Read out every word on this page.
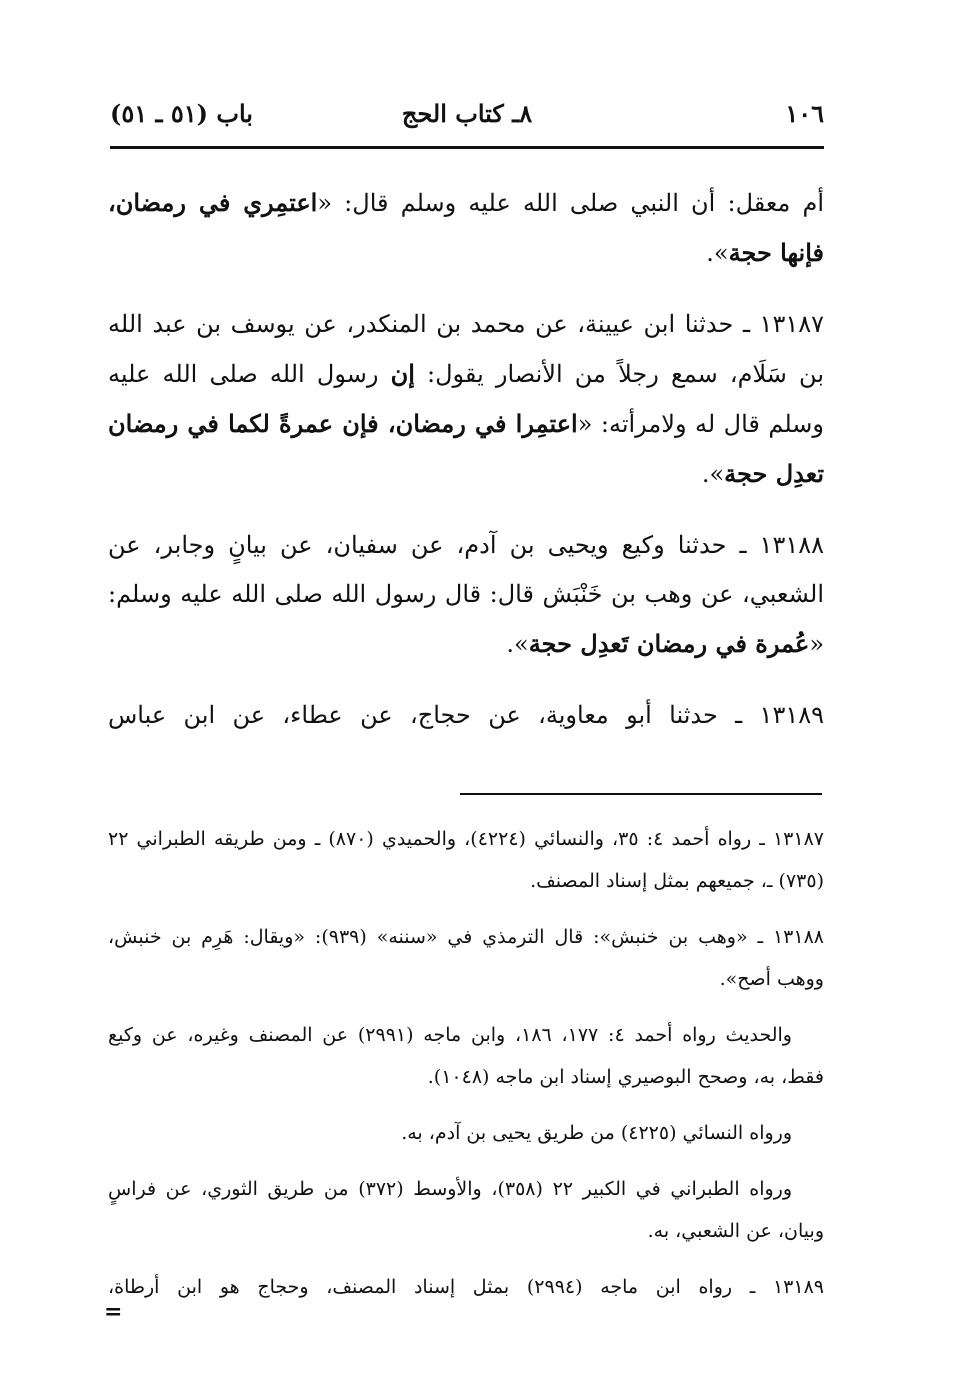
١٠٦
٨ـ كتاب الحج
باب (٥١ ـ ٥١)

أم معقل: أن النبي صلى الله عليه وسلم قال: «اعتمِري في رمضان، فإنها حجة».

١٣١٨٧ ـ حدثنا ابن عيينة، عن محمد بن المنكدر، عن يوسف بن عبد الله بن سَلَام، سمع رجلاً من الأنصار يقول: إن رسول الله صلى الله عليه وسلم قال له ولامرأته: «اعتمِرا في رمضان، فإن عمرةً لكما في رمضان تعدِل حجة».

١٣١٨٨ ـ حدثنا وكيع ويحيى بن آدم، عن سفيان، عن بيانٍ وجابر، عن الشعبي، عن وهب بن خَنْبَش قال: قال رسول الله صلى الله عليه وسلم: «عُمرة في رمضان تَعدِل حجة».

١٣١٨٩ ـ حدثنا أبو معاوية، عن حجاج، عن عطاء، عن ابن عباس

١٣١٨٧ ـ رواه أحمد ٤: ٣٥، والنسائي (٤٢٢٤)، والحميدي (٨٧٠) ـ ومن طريقه الطبراني ٢٢ (٧٣٥) ـ، جميعهم بمثل إسناد المصنف.

١٣١٨٨ ـ «وهب بن خنبش»: قال الترمذي في «سننه» (٩٣٩): «ويقال: هَرِم بن خنبش، ووهب أصح».

والحديث رواه أحمد ٤: ١٧٧، ١٨٦، وابن ماجه (٢٩٩١) عن المصنف وغيره، عن وكيع فقط، به، وصحح البوصيري إسناد ابن ماجه (١٠٤٨).

ورواه النسائي (٤٢٢٥) من طريق يحيى بن آدم، به.

ورواه الطبراني في الكبير ٢٢ (٣٥٨)، والأوسط (٣٧٢) من طريق الثوري، عن فراسٍ وبيان، عن الشعبي، به.

١٣١٨٩ ـ رواه ابن ماجه (٢٩٩٤) بمثل إسناد المصنف، وحجاج هو ابن أرطاة،

=
